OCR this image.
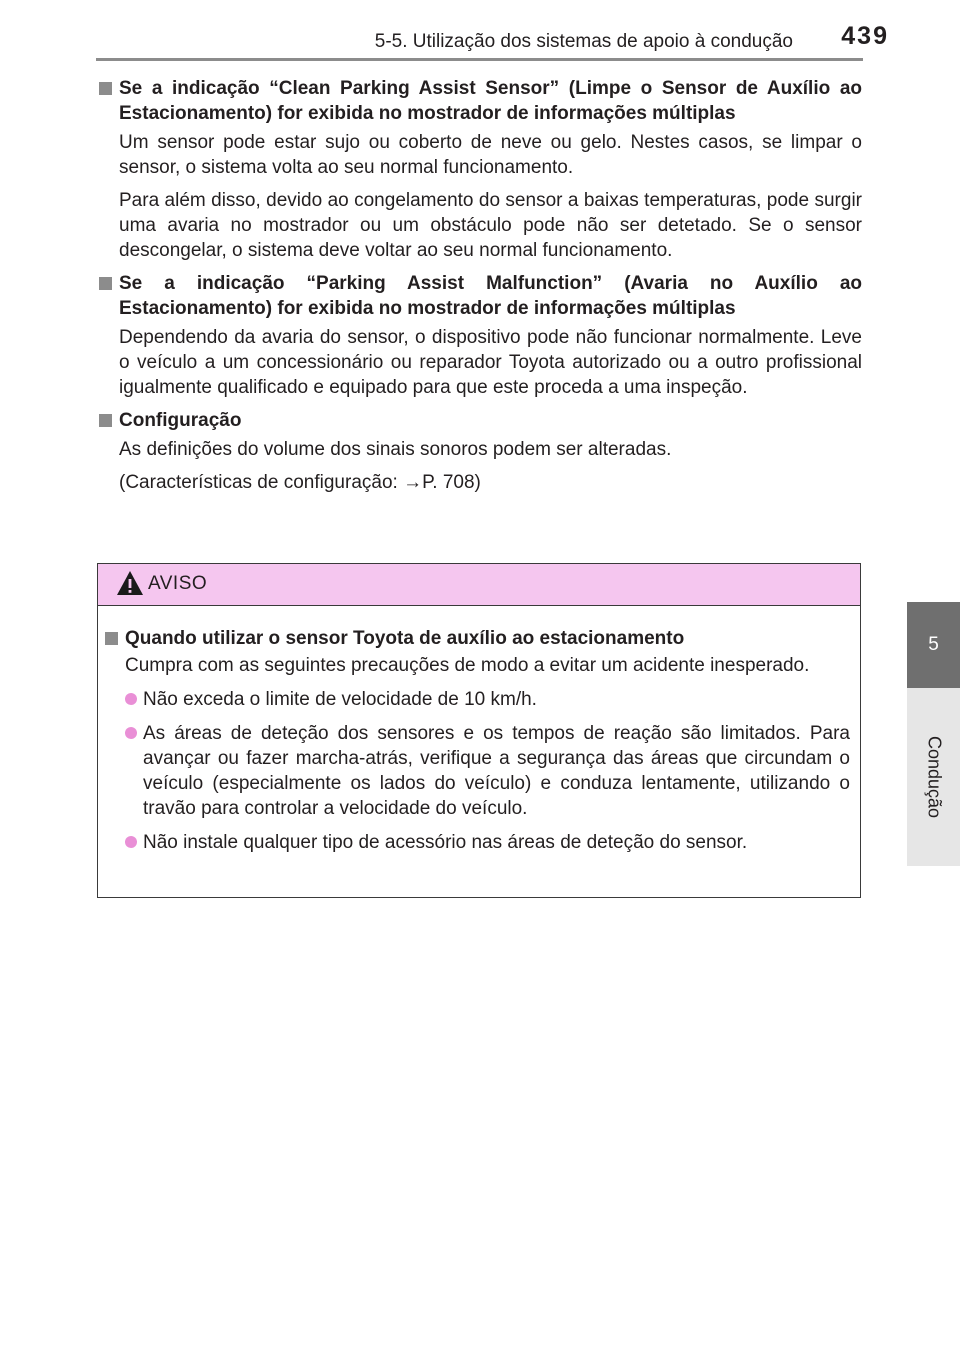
5-5. Utilização dos sistemas de apoio à condução 439
5
Condução
Se a indicação “Clean Parking Assist Sensor” (Limpe o Sensor de Auxílio ao Estacionamento) for exibida no mostrador de informações múltiplas

Um sensor pode estar sujo ou coberto de neve ou gelo. Nestes casos, se limpar o sensor, o sistema volta ao seu normal funcionamento.

Para além disso, devido ao congelamento do sensor a baixas temperaturas, pode surgir uma avaria no mostrador ou um obstáculo pode não ser detetado. Se o sensor descongelar, o sistema deve voltar ao seu normal funcionamento.

Se a indicação “Parking Assist Malfunction” (Avaria no Auxílio ao Estacionamento) for exibida no mostrador de informações múltiplas

Dependendo da avaria do sensor, o dispositivo pode não funcionar normalmente. Leve o veículo a um concessionário ou reparador Toyota autorizado ou a outro profissional igualmente qualificado e equipado para que este proceda a uma inspeção.

Configuração

As definições do volume dos sinais sonoros podem ser alteradas.

(Características de configuração: →P. 708)

AVISO
Quando utilizar o sensor Toyota de auxílio ao estacionamento

Cumpra com as seguintes precauções de modo a evitar um acidente inesperado.

Não exceda o limite de velocidade de 10 km/h.
As áreas de deteção dos sensores e os tempos de reação são limitados. Para avançar ou fazer marcha-atrás, verifique a segurança das áreas que circundam o veículo (especialmente os lados do veículo) e conduza lentamente, utilizando o travão para controlar a velocidade do veículo.
Não instale qualquer tipo de acessório nas áreas de deteção do sensor.
